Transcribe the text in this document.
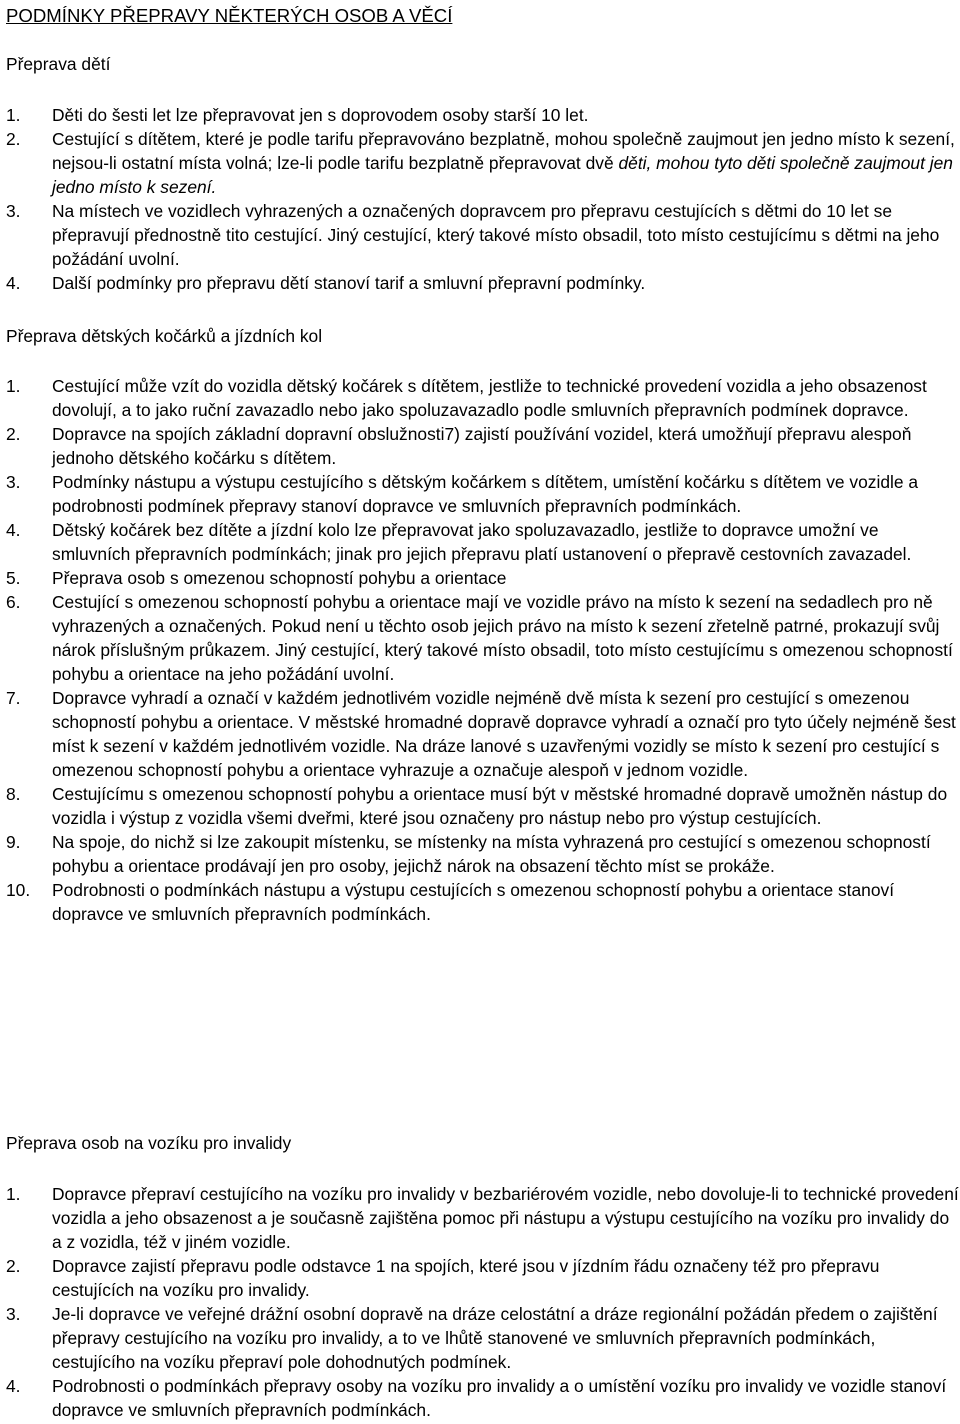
PODMÍNKY PŘEPRAVY NĚKTERÝCH OSOB A VĚCÍ
Přeprava dětí
1. Děti do šesti let lze přepravovat jen s doprovodem osoby starší 10 let.
2. Cestující s dítětem, které je podle tarifu přepravováno bezplatně, mohou společně zaujmout jen jedno místo k sezení, nejsou-li ostatní místa volná; lze-li podle tarifu bezplatně přepravovat dvě děti, mohou tyto děti společně zaujmout jen jedno místo k sezení.
3. Na místech ve vozidlech vyhrazených a označených dopravcem pro přepravu cestujících s dětmi do 10 let se přepravují přednostně tito cestující. Jiný cestující, který takové místo obsadil, toto místo cestujícímu s dětmi na jeho požádání uvolní.
4. Další podmínky pro přepravu dětí stanoví tarif a smluvní přepravní podmínky.
Přeprava dětských kočárků a jízdních kol
1. Cestující může vzít do vozidla dětský kočárek s dítětem, jestliže to technické provedení vozidla a jeho obsazenost dovolují, a to jako ruční zavazadlo nebo jako spoluzavazadlo podle smluvních přepravních podmínek dopravce.
2. Dopravce na spojích základní dopravní obslužnosti7) zajistí používání vozidel, která umožňují přepravu alespoň jednoho dětského kočárku s dítětem.
3. Podmínky nástupu a výstupu cestujícího s dětským kočárkem s dítětem, umístění kočárku s dítětem ve vozidle a podrobnosti podmínek přepravy stanoví dopravce ve smluvních přepravních podmínkách.
4. Dětský kočárek bez dítěte a jízdní kolo lze přepravovat jako spoluzavazadlo, jestliže to dopravce umožní ve smluvních přepravních podmínkách; jinak pro jejich přepravu platí ustanovení o přepravě cestovních zavazadel.
5. Přeprava osob s omezenou schopností pohybu a orientace
6. Cestující s omezenou schopností pohybu a orientace mají ve vozidle právo na místo k sezení na sedadlech pro ně vyhrazených a označených. Pokud není u těchto osob jejich právo na místo k sezení zřetelně patrné, prokazují svůj nárok příslušným průkazem. Jiný cestující, který takové místo obsadil, toto místo cestujícímu s omezenou schopností pohybu a orientace na jeho požádání uvolní.
7. Dopravce vyhradí a označí v každém jednotlivém vozidle nejméně dvě místa k sezení pro cestující s omezenou schopností pohybu a orientace. V městské hromadné dopravě dopravce vyhradí a označí pro tyto účely nejméně šest míst k sezení v každém jednotlivém vozidle. Na dráze lanové s uzavřenými vozidly se místo k sezení pro cestující s omezenou schopností pohybu a orientace vyhrazuje a označuje alespoň v jednom vozidle.
8. Cestujícímu s omezenou schopností pohybu a orientace musí být v městské hromadné dopravě umožněn nástup do vozidla i výstup z vozidla všemi dveřmi, které jsou označeny pro nástup nebo pro výstup cestujících.
9. Na spoje, do nichž si lze zakoupit místenku, se místenky na místa vyhrazená pro cestující s omezenou schopností pohybu a orientace prodávají jen pro osoby, jejichž nárok na obsazení těchto míst se prokáže.
10. Podrobnosti o podmínkách nástupu a výstupu cestujících s omezenou schopností pohybu a orientace stanoví dopravce ve smluvních přepravních podmínkách.
Přeprava osob na vozíku pro invalidy
1. Dopravce přepraví cestujícího na vozíku pro invalidy v bezbariérovém vozidle, nebo dovoluje-li to technické provedení vozidla a jeho obsazenost a je současně zajištěna pomoc při nástupu a výstupu cestujícího na vozíku pro invalidy do a z vozidla, též v jiném vozidle.
2. Dopravce zajistí přepravu podle odstavce 1 na spojích, které jsou v jízdním řádu označeny též pro přepravu cestujících na vozíku pro invalidy.
3. Je-li dopravce ve veřejné drážní osobní dopravě na dráze celostátní a dráze regionální požádán předem o zajištění přepravy cestujícího na vozíku pro invalidy, a to ve lhůtě stanovené ve smluvních přepravních podmínkách, cestujícího na vozíku přepraví pole dohodnutých podmínek.
4. Podrobnosti o podmínkách přepravy osoby na vozíku pro invalidy a o umístění vozíku pro invalidy ve vozidle stanoví dopravce ve smluvních přepravních podmínkách.
